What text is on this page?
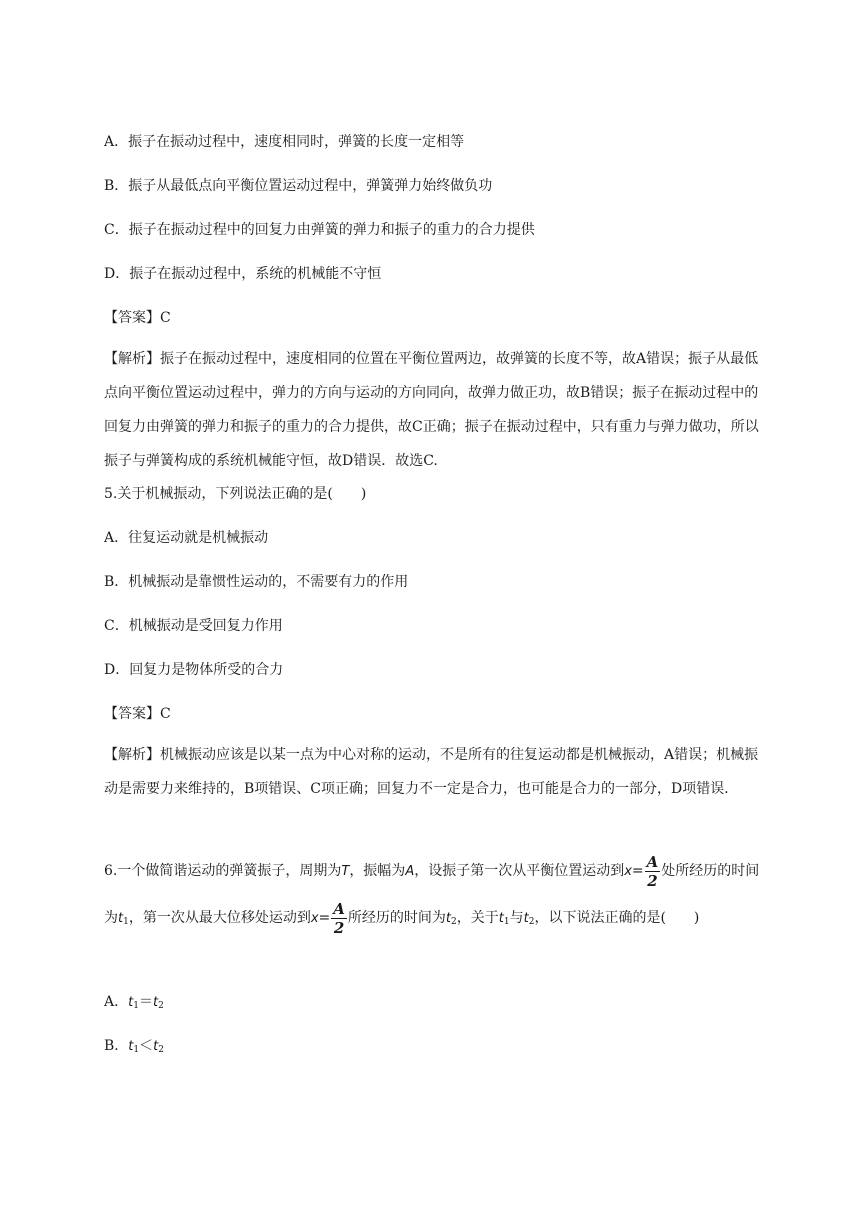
A．振子在振动过程中，速度相同时，弹簧的长度一定相等
B．振子从最低点向平衡位置运动过程中，弹簧弹力始终做负功
C．振子在振动过程中的回复力由弹簧的弹力和振子的重力的合力提供
D．振子在振动过程中，系统的机械能不守恒
【答案】C
【解析】振子在振动过程中，速度相同的位置在平衡位置两边，故弹簧的长度不等，故A错误；振子从最低点向平衡位置运动过程中，弹力的方向与运动的方向同向，故弹力做正功，故B错误；振子在振动过程中的回复力由弹簧的弹力和振子的重力的合力提供，故C正确；振子在振动过程中，只有重力与弹力做功，所以振子与弹簧构成的系统机械能守恒，故D错误．故选C.
5.关于机械振动，下列说法正确的是(　　)
A．往复运动就是机械振动
B．机械振动是靠惯性运动的，不需要有力的作用
C．机械振动是受回复力作用
D．回复力是物体所受的合力
【答案】C
【解析】机械振动应该是以某一点为中心对称的运动，不是所有的往复运动都是机械振动，A错误；机械振动是需要力来维持的，B项错误、C项正确；回复力不一定是合力，也可能是合力的一部分，D项错误．
6.一个做简谐运动的弹簧振子，周期为T，振幅为A，设振子第一次从平衡位置运动到$x= \frac{A}{2}$ 处所经历的时间为$t_1$，第一次从最大位移处运动到$x= \frac{A}{2}$ 所经历的时间为$t_2$，关于$t_1$与$t_2$，以下说法正确的是(　　)
A．$t_1=t_2$
B．$t_1<t_2$
